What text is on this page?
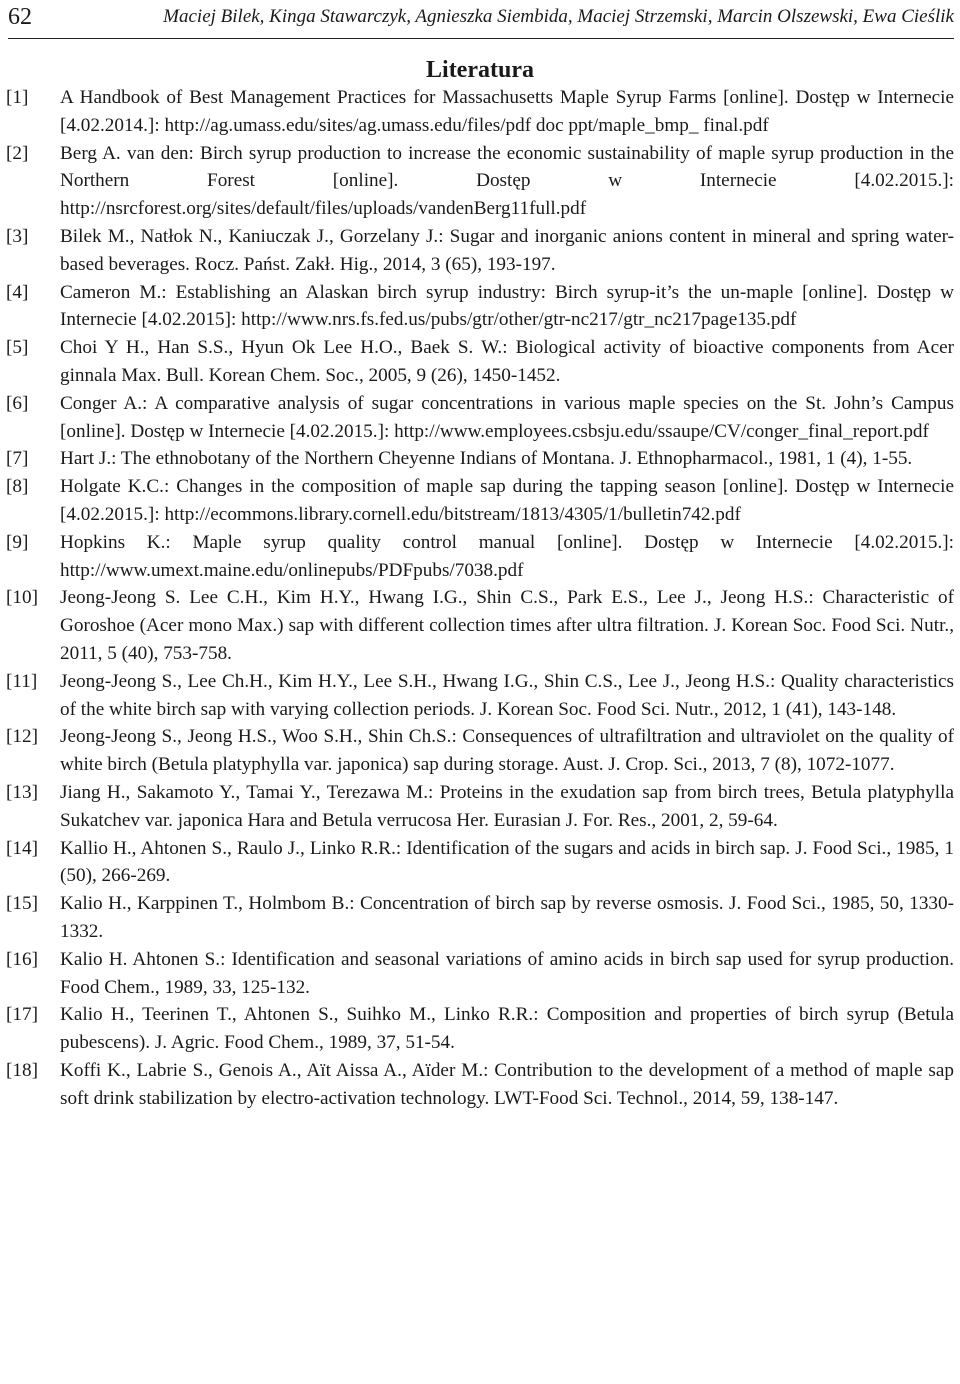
62	Maciej Bilek, Kinga Stawarczyk, Agnieszka Siembida, Maciej Strzemski, Marcin Olszewski, Ewa Cieślik
Literatura
[1] A Handbook of Best Management Practices for Massachusetts Maple Syrup Farms [online]. Dostęp w Internecie [4.02.2014.]: http://ag.umass.edu/sites/ag.umass.edu/files/pdf doc ppt/maple_bmp_ final.pdf
[2] Berg A. van den: Birch syrup production to increase the economic sustainability of maple syrup production in the Northern Forest [online]. Dostęp w Internecie [4.02.2015.]: http://nsrcforest.org/sites/default/files/uploads/vandenBerg11full.pdf
[3] Bilek M., Natłok N., Kaniuczak J., Gorzelany J.: Sugar and inorganic anions content in mineral and spring water-based beverages. Rocz. Państ. Zakł. Hig., 2014, 3 (65), 193-197.
[4] Cameron M.: Establishing an Alaskan birch syrup industry: Birch syrup-it’s the un-maple [online]. Dostęp w Internecie [4.02.2015]: http://www.nrs.fs.fed.us/pubs/gtr/other/gtr-nc217/gtr_nc217page135.pdf
[5] Choi Y H., Han S.S., Hyun Ok Lee H.O., Baek S. W.: Biological activity of bioactive components from Acer ginnala Max. Bull. Korean Chem. Soc., 2005, 9 (26), 1450-1452.
[6] Conger A.: A comparative analysis of sugar concentrations in various maple species on the St. John’s Campus [online]. Dostęp w Internecie [4.02.2015.]: http://www.employees.csbsju.edu/ssaupe/CV/conger_final_report.pdf
[7] Hart J.: The ethnobotany of the Northern Cheyenne Indians of Montana. J. Ethnopharmacol., 1981, 1 (4), 1-55.
[8] Holgate K.C.: Changes in the composition of maple sap during the tapping season [online]. Dostęp w Internecie [4.02.2015.]: http://ecommons.library.cornell.edu/bitstream/1813/4305/1/bulletin742.pdf
[9] Hopkins K.: Maple syrup quality control manual [online]. Dostęp w Internecie [4.02.2015.]: http://www.umext.maine.edu/onlinepubs/PDFpubs/7038.pdf
[10] Jeong-Jeong S. Lee C.H., Kim H.Y., Hwang I.G., Shin C.S., Park E.S., Lee J., Jeong H.S.: Characteristic of Goroshoe (Acer mono Max.) sap with different collection times after ultra filtration. J. Korean Soc. Food Sci. Nutr., 2011, 5 (40), 753-758.
[11] Jeong-Jeong S., Lee Ch.H., Kim H.Y., Lee S.H., Hwang I.G., Shin C.S., Lee J., Jeong H.S.: Quality characteristics of the white birch sap with varying collection periods. J. Korean Soc. Food Sci. Nutr., 2012, 1 (41), 143-148.
[12] Jeong-Jeong S., Jeong H.S., Woo S.H., Shin Ch.S.: Consequences of ultrafiltration and ultraviolet on the quality of white birch (Betula platyphylla var. japonica) sap during storage. Aust. J. Crop. Sci., 2013, 7 (8), 1072-1077.
[13] Jiang H., Sakamoto Y., Tamai Y., Terezawa M.: Proteins in the exudation sap from birch trees, Betula platyphylla Sukatchev var. japonica Hara and Betula verrucosa Her. Eurasian J. For. Res., 2001, 2, 59-64.
[14] Kallio H., Ahtonen S., Raulo J., Linko R.R.: Identification of the sugars and acids in birch sap. J. Food Sci., 1985, 1 (50), 266-269.
[15] Kalio H., Karppinen T., Holmbom B.: Concentration of birch sap by reverse osmosis. J. Food Sci., 1985, 50, 1330-1332.
[16] Kalio H. Ahtonen S.: Identification and seasonal variations of amino acids in birch sap used for syrup production. Food Chem., 1989, 33, 125-132.
[17] Kalio H., Teerinen T., Ahtonen S., Suihko M., Linko R.R.: Composition and properties of birch syrup (Betula pubescens). J. Agric. Food Chem., 1989, 37, 51-54.
[18] Koffi K., Labrie S., Genois A., Aït Aissa A., Aïder M.: Contribution to the development of a method of maple sap soft drink stabilization by electro-activation technology. LWT-Food Sci. Technol., 2014, 59, 138-147.
